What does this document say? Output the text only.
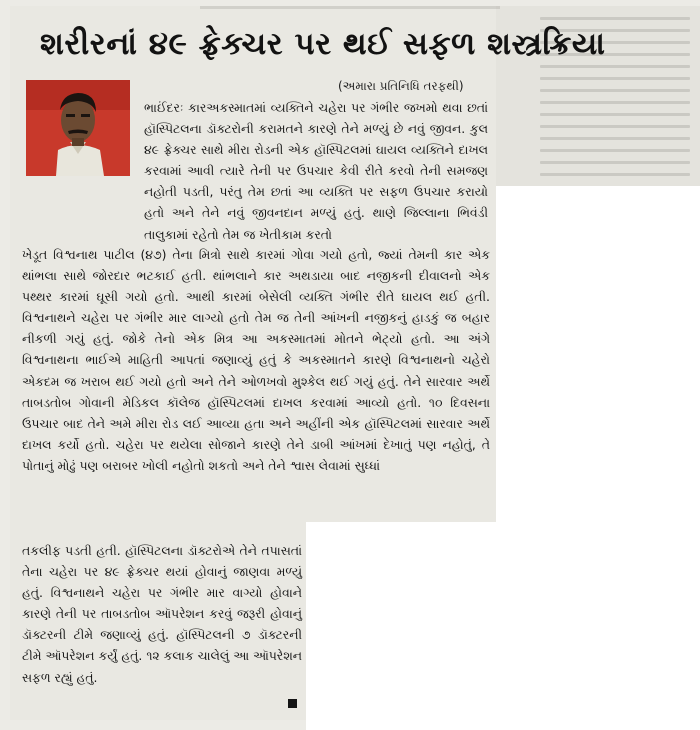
શરીરનાં ૪૯ ફ્રેક્ચર પર થઈ સફળ શસ્ત્રક્રિયા
(અમારા પ્રતિનિધિ તરફથી)

ભાઈંદરઃ કારઅકસ્માતમાં વ્યક્તિને ચહેરા પર ગંભીર જખમો થવા છતાં હૉસ્પિટલના ડૉક્ટરોની કરામતને કારણે તેને મળ્યું છે નવું જીવન. કુલ ૪૯ ફ્રેક્ચર સાથે મીરા રોડની એક હૉસ્પિટલમાં ઘાયલ વ્યક્તિને દાખલ કરવામાં આવી ત્યારે તેની પર ઉપચાર કેવી રીતે કરવો તેની સમજણ નહોતી પડતી, પરંતુ તેમ છતાં આ વ્યક્તિ પર સફળ ઉપચાર કરાયો હતો અને તેને નવું જીવનદાન મળ્યું હતું. થાણે જિલ્લાના ભિવંડી તાલુકામાં રહેતો તેમ જ ખેતીકામ કરતો

ખેડૂત વિશ્વનાથ પાટીલ (૪૭) તેના મિત્રો સાથે કારમાં ગોવા ગયો હતો, જ્યાં તેમની કાર એક થાંભલા સાથે જોરદાર ભટકાઈ હતી. થાંભલાને કાર અથડાયા બાદ નજીકની દીવાલનો એક પથ્થર કારમાં ઘૂસી ગયો હતો. આથી કારમાં બેસેલી વ્યક્તિ ગંભીર રીતે ઘાયલ થઈ હતી. વિશ્વનાથને ચહેરા પર ગંભીર માર લાગ્યો હતો તેમ જ તેની આંખની નજીકનું હાડકું જ બહાર નીકળી ગયું હતું. જોકે તેનો એક મિત્ર આ અકસ્માતમાં મોતને ભેટ્યો હતો. આ અંગે વિશ્વનાથના ભાઈએ માહિતી આપતાં જણાવ્યું હતું કે અકસ્માતને કારણે વિશ્વનાથનો ચહેરો એકદમ જ ખરાબ થઈ ગયો હતો અને તેને ઓળખવો મુશ્કેલ થઈ ગયું હતું. તેને સારવાર અર્થે તાબડતોબ ગોવાની મેડિકલ કૉલેજ હૉસ્પિટલમાં દાખલ કરવામાં આવ્યો હતો. ૧૦ દિવસના ઉપચાર બાદ તેને અમે મીરા રોડ લઈ આવ્યા હતા અને અહીંની એક હૉસ્પિટલમાં સારવાર અર્થે દાખલ કર્યો હતો. ચહેરા પર થયેલા સોજાને કારણે તેને ડાબી આંખમાં દેખાતું પણ નહોતું, તે પોતાનું મોઢું પણ બરાબર ખોલી નહોતો શકતો અને તેને શ્વાસ લેવામાં સુધ્ધાં

તકલીફ પડતી હતી. હૉસ્પિટલના ડૉક્ટરોએ તેને તપાસતાં તેના ચહેરા પર ૪૯ ફ્રેક્ચર થયાં હોવાનું જાણવા મળ્યું હતું. વિશ્વનાથને ચહેરા પર ગંભીર માર વાગ્યો હોવાને કારણે તેની પર તાબડતોબ ઑપરેશન કરવું જરૂરી હોવાનું ડૉક્ટરની ટીમે જણાવ્યું હતું. હૉસ્પિટલની ૭ ડૉક્ટરની ટીમે ઑપરેશન કર્યું હતું. ૧૨ કલાક ચાલેલું આ ઑપરેશન સફળ રહ્યું હતું.
